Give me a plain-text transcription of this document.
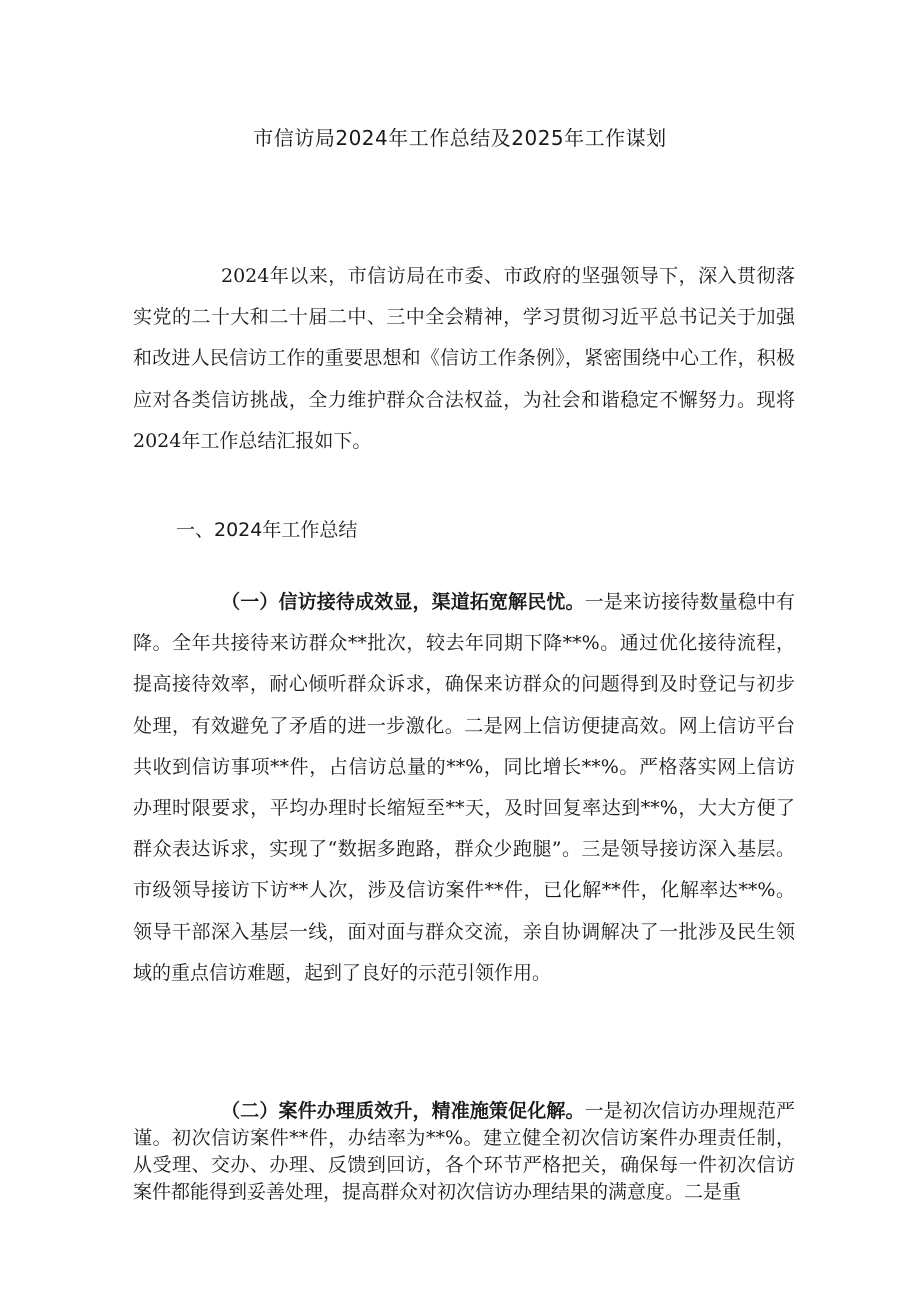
市信访局2024年工作总结及2025年工作谋划

2024年以来，市信访局在市委、市政府的坚强领导下，深入贯彻落实党的二十大和二十届二中、三中全会精神，学习贯彻习近平总书记关于加强和改进人民信访工作的重要思想和《信访工作条例》，紧密围绕中心工作，积极应对各类信访挑战，全力维护群众合法权益，为社会和谐稳定不懈努力。现将2024年工作总结汇报如下。

一、2024年工作总结

（一）信访接待成效显，渠道拓宽解民忧。一是来访接待数量稳中有降。全年共接待来访群众**批次，较去年同期下降**%。通过优化接待流程，提高接待效率，耐心倾听群众诉求，确保来访群众的问题得到及时登记与初步处理，有效避免了矛盾的进一步激化。二是网上信访便捷高效。网上信访平台共收到信访事项**件，占信访总量的**%，同比增长**%。严格落实网上信访办理时限要求，平均办理时长缩短至**天，及时回复率达到**%，大大方便了群众表达诉求，实现了“数据多跑路，群众少跑腿”。三是领导接访深入基层。市级领导接访下访**人次，涉及信访案件**件，已化解**件，化解率达**%。领导干部深入基层一线，面对面与群众交流，亲自协调解决了一批涉及民生领域的重点信访难题，起到了良好的示范引领作用。

（二）案件办理质效升，精准施策促化解。一是初次信访办理规范严谨。初次信访案件**件，办结率为**%。建立健全初次信访案件办理责任制，从受理、交办、办理、反馈到回访，各个环节严格把关，确保每一件初次信访案件都能得到妥善处理，提高群众对初次信访办理结果的满意度。二是重
